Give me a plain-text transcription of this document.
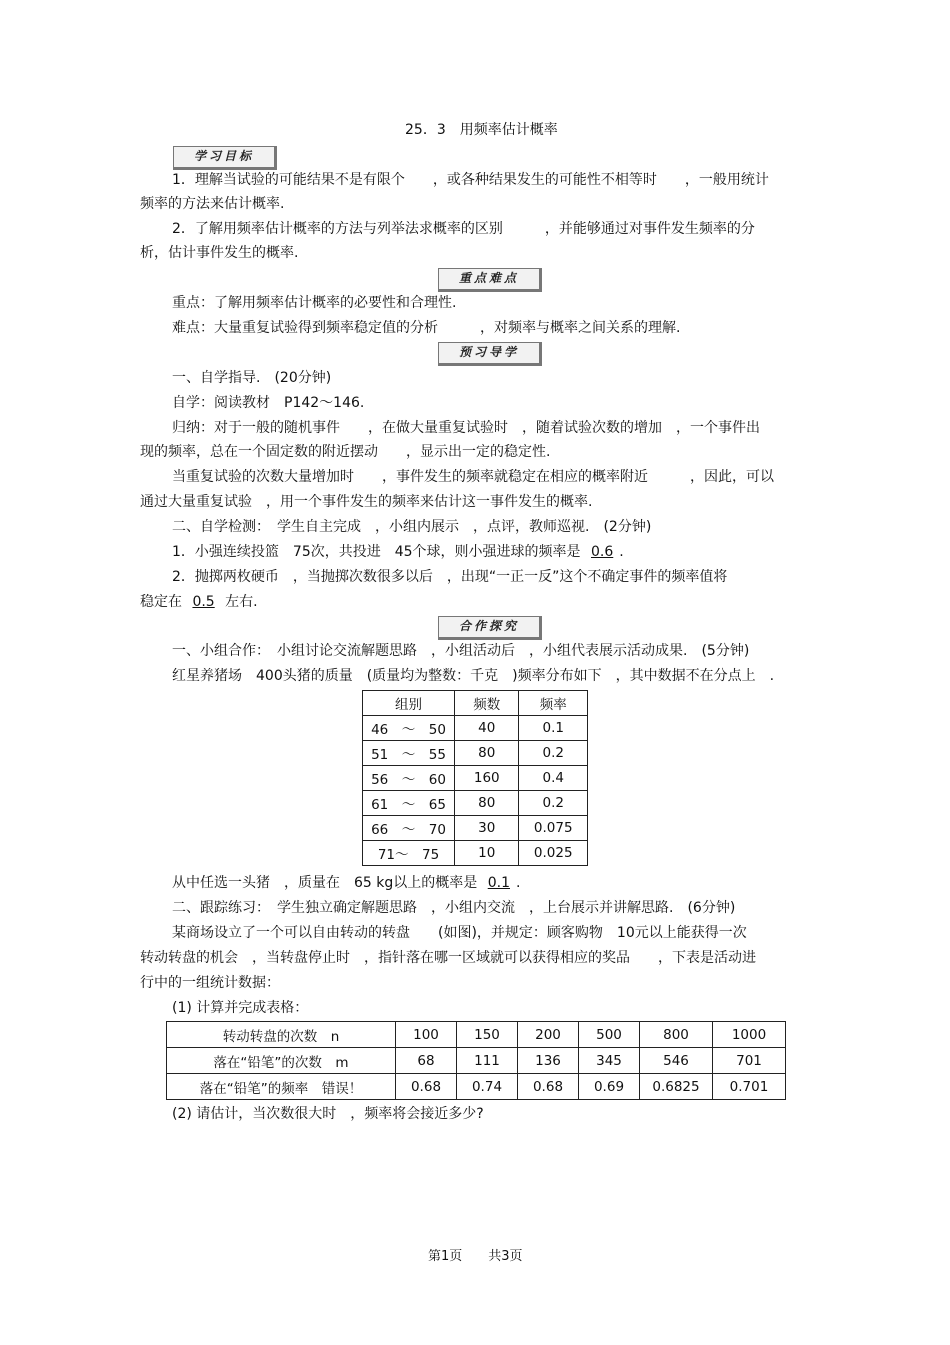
25．3　用频率估计概率
学习目标
1．理解当试验的可能结果不是有限个　　，或各种结果发生的可能性不相等时　　，一般用统计
频率的方法来估计概率.
2．了解用频率估计概率的方法与列举法求概率的区别　　　，并能够通过对事件发生频率的分
析，估计事件发生的概率.
重点难点
重点：了解用频率估计概率的必要性和合理性.
难点：大量重复试验得到频率稳定值的分析　　　，对频率与概率之间关系的理解.
预习导学
一、自学指导.　(20分钟)
自学：阅读教材　P142～146.
归纳：对于一般的随机事件　　，在做大量重复试验时　，随着试验次数的增加　，一个事件出
现的频率，总在一个固定数的附近摆动　　，显示出一定的稳定性.
当重复试验的次数大量增加时　　，事件发生的频率就稳定在相应的概率附近　　　，因此，可以
通过大量重复试验　，用一个事件发生的频率来估计这一事件发生的概率.
二、自学检测：　学生自主完成　，小组内展示　，点评，教师巡视.　(2分钟)
1．小强连续投篮　75次，共投进　45个球，则小强进球的频率是 0.6 .
2．抛掷两枚硬币　，当抛掷次数很多以后　，出现“一正一反”这个不确定事件的频率值将
稳定在 0.5 左右.
合作探究
一、小组合作：　小组讨论交流解题思路　，小组活动后　，小组代表展示活动成果.　(5分钟)
红星养猪场　400头猪的质量　(质量均为整数：千克　)频率分布如下　，其中数据不在分点上　.
组别	频数	频率
46　～　50	40	0.1
51　～　55	80	0.2
56　～　60	160	0.4
61　～　65	80	0.2
66　～　70	30	0.075
71～　75	10	0.025
从中任选一头猪　，质量在　65 kg以上的概率是 0.1 .
二、跟踪练习：　学生独立确定解题思路　，小组内交流　，上台展示并讲解思路.　(6分钟)
某商场设立了一个可以自由转动的转盘　　(如图)，并规定：顾客购物　10元以上能获得一次
转动转盘的机会　，当转盘停止时　，指针落在哪一区域就可以获得相应的奖品　　，下表是活动进
行中的一组统计数据：
(1) 计算并完成表格：
转动转盘的次数　n	100	150	200	500	800	1000
落在“铅笔”的次数　m	68	111	136	345	546	701
落在“铅笔”的频率　错误！	0.68	0.74	0.68	0.69	0.6825	0.701
(2) 请估计，当次数很大时　，频率将会接近多少?
第1页　　共3页
